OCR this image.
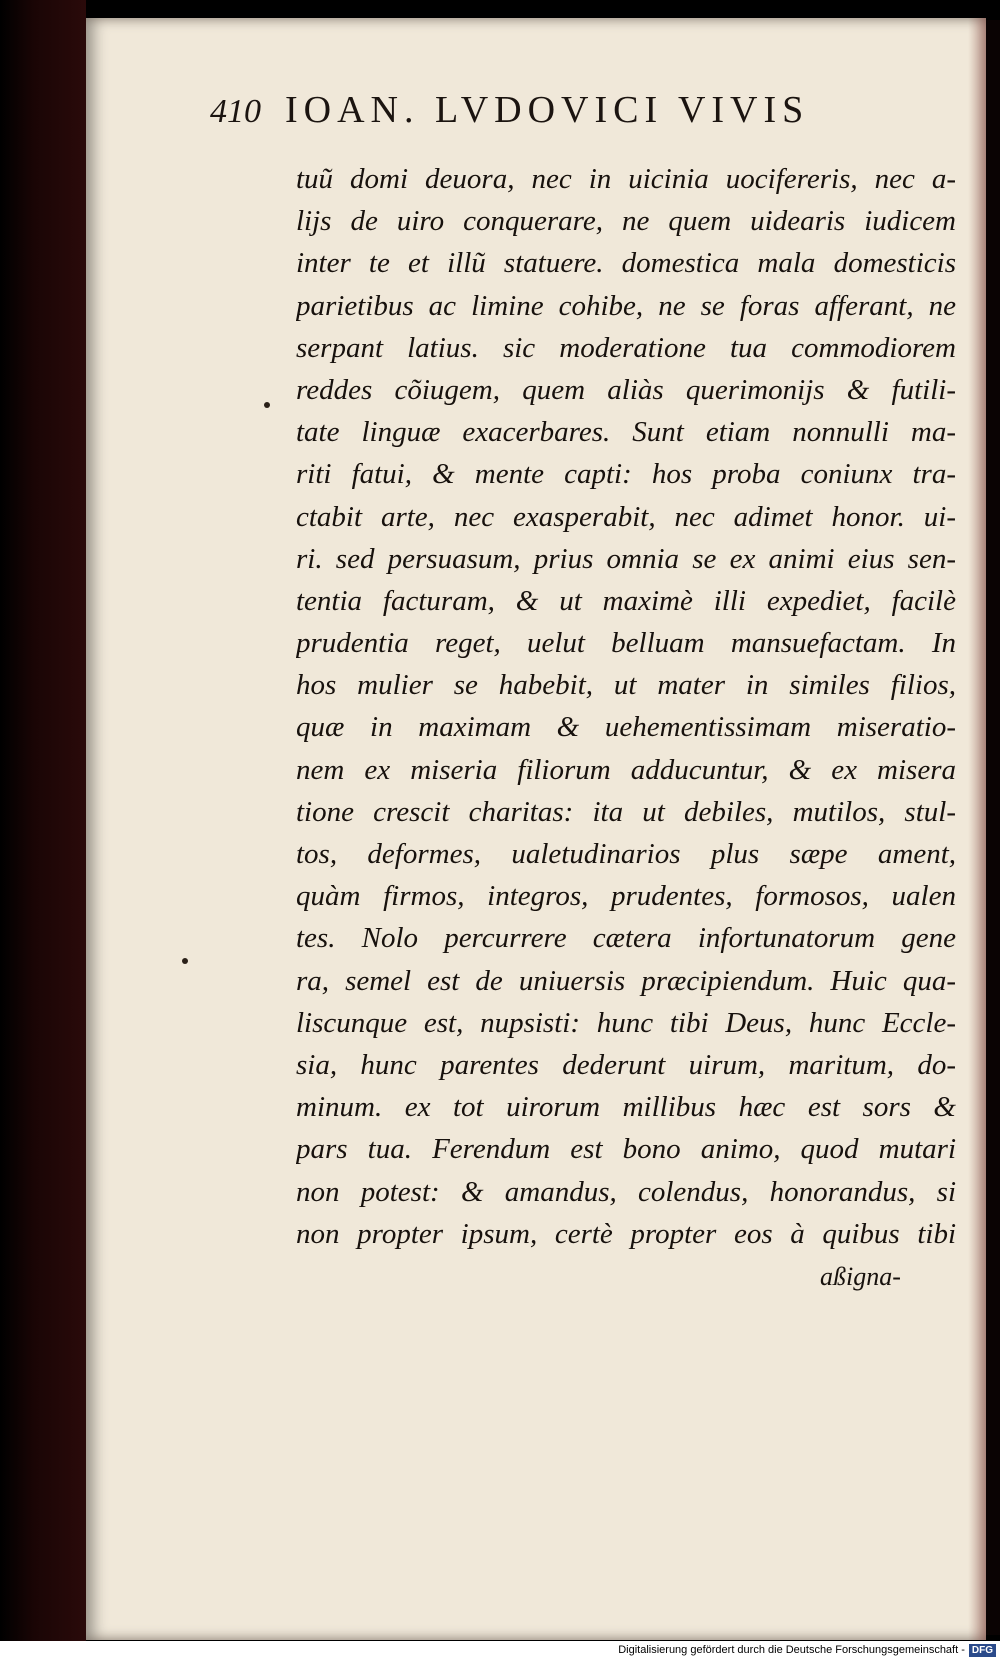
410 IOAN. LVDOVICI VIVIS
tuũ domi deuora, nec in uicinia uocifereris, nec a-
lijs de uiro conquerare, ne quem uidearis iudicem
inter te et illũ statuere. domestica mala domesticis
parietibus ac limine cohibe, ne se foras afferant, ne
serpant latius. sic moderatione tua commodiorem
reddes cõiugem, quem aliàs querimonijs & futili-
tate linguæ exacerbares. Sunt etiam nonnulli ma-
riti fatui, & mente capti: hos proba coniunx tra-
ctabit arte, nec exasperabit, nec adimet honor. ui-
ri. sed persuasum, prius omnia se ex animi eius sen-
tentia facturam, & ut maximè illi expediet, facilè
prudentia reget, uelut belluam mansuefactam. In
hos mulier se habebit, ut mater in similes filios,
quæ in maximam & uehementissimam miseratio-
nem ex miseria filiorum adducuntur, & ex misera
tione crescit charitas: ita ut debiles, mutilos, stul-
tos, deformes, ualetudinarios plus sæpe ament,
quàm firmos, integros, prudentes, formosos, ualen
tes. Nolo percurrere cætera infortunatorum gene
ra, semel est de uniuersis præcipiendum. Huic qua-
liscunque est, nupsisti: hunc tibi Deus, hunc Eccle-
sia, hunc parentes dederunt uirum, maritum, do-
minum. ex tot uirorum millibus hæc est sors &
pars tua. Ferendum est bono animo, quod mutari
non potest: & amandus, colendus, honorandus, si
non propter ipsum, certè propter eos à quibus tibi
aßigna-
Digitalisierung gefördert durch die Deutsche Forschungsgemeinschaft - DFG
